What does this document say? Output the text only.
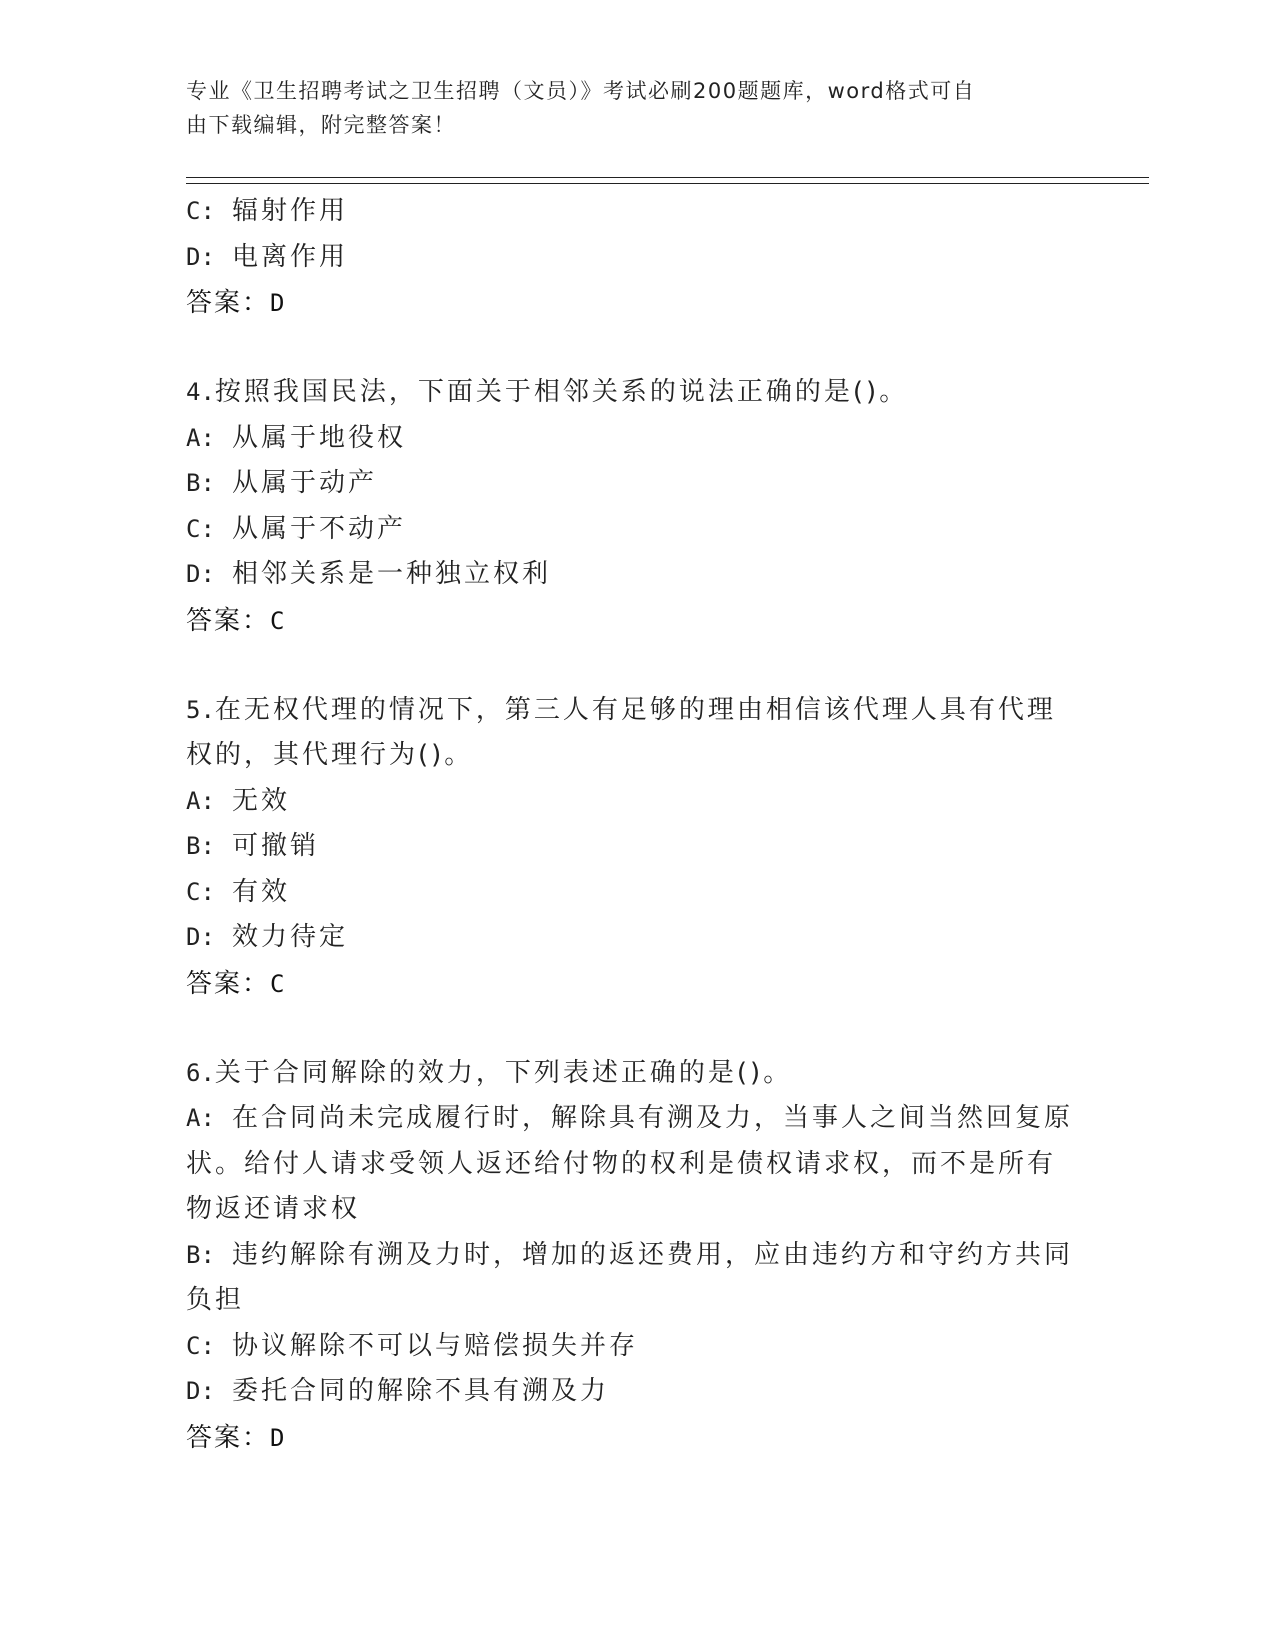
专业《卫生招聘考试之卫生招聘（文员）》考试必刷200题题库，word格式可自
由下载编辑，附完整答案！

C: 辐射作用

D: 电离作用

答案：D

4.按照我国民法，下面关于相邻关系的说法正确的是()。

A: 从属于地役权

B: 从属于动产

C: 从属于不动产

D: 相邻关系是一种独立权利

答案：C

5.在无权代理的情况下，第三人有足够的理由相信该代理人具有代理

权的，其代理行为()。

A: 无效

B: 可撤销

C: 有效

D: 效力待定

答案：C

6.关于合同解除的效力，下列表述正确的是()。

A: 在合同尚未完成履行时，解除具有溯及力，当事人之间当然回复原

状。给付人请求受领人返还给付物的权利是债权请求权，而不是所有

物返还请求权

B: 违约解除有溯及力时，增加的返还费用，应由违约方和守约方共同

负担

C: 协议解除不可以与赔偿损失并存

D: 委托合同的解除不具有溯及力

答案：D
